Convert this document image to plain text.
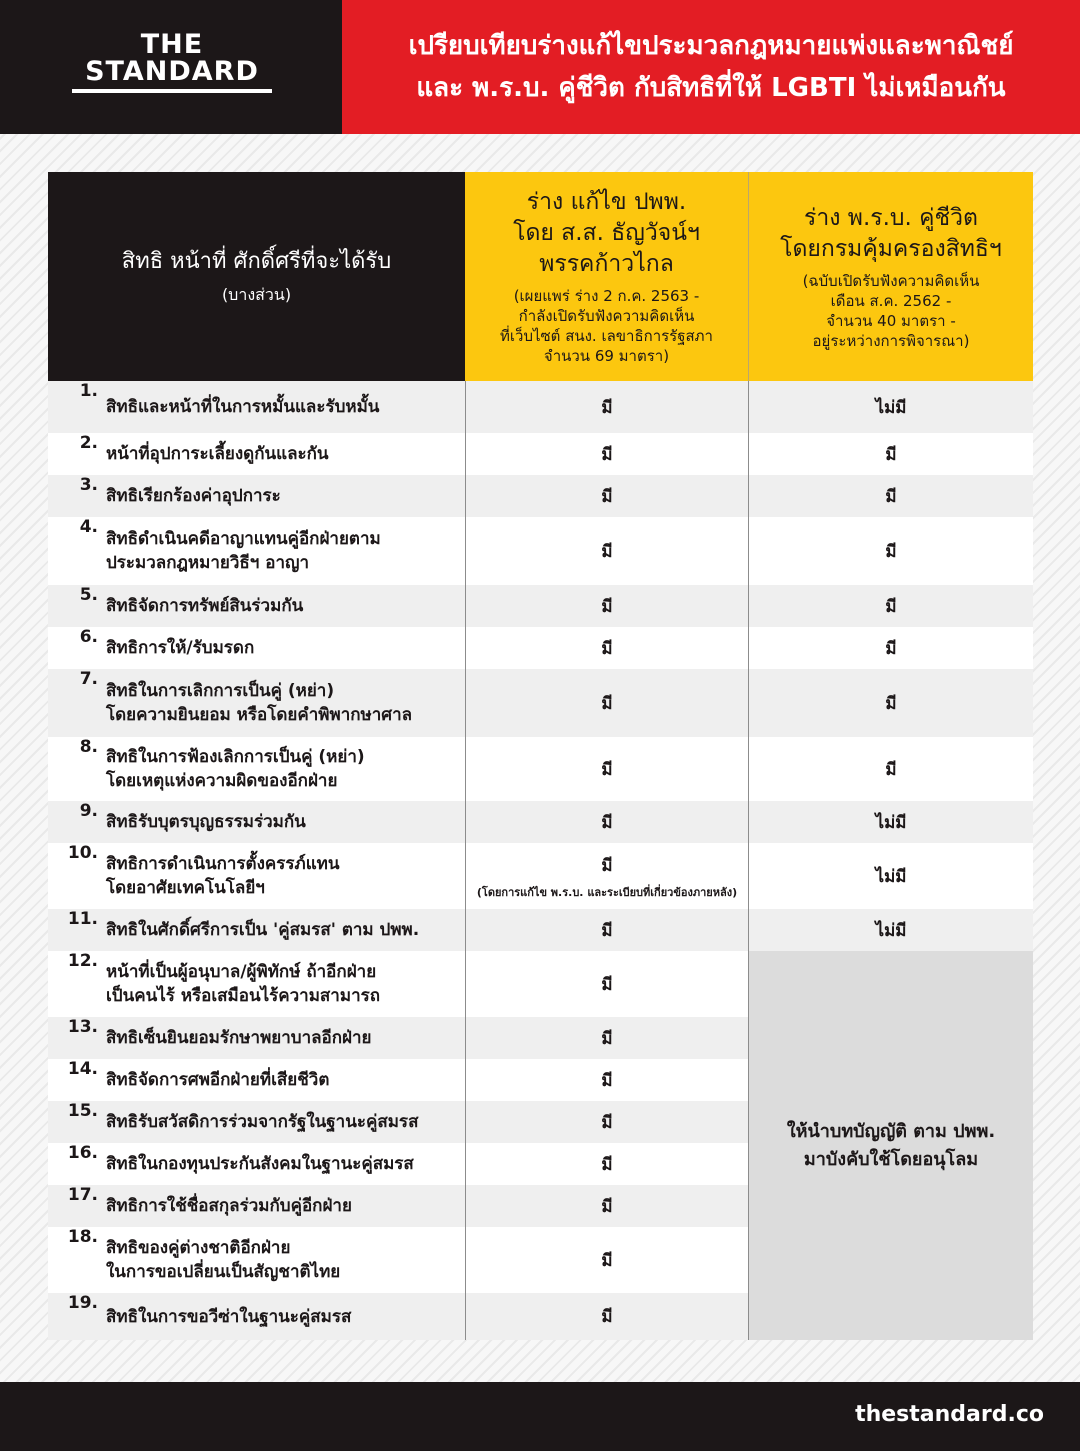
THE
STANDARD
เปรียบเทียบร่างแก้ไขประมวลกฎหมายแพ่งและพาณิชย์
และ พ.ร.บ. คู่ชีวิต กับสิทธิที่ให้ LGBTI ไม่เหมือนกัน
สิทธิ หน้าที่ ศักดิ์ศรีที่จะได้รับ
(บางส่วน)
ร่าง แก้ไข ปพพ.
โดย ส.ส. ธัญวัจน์ฯ
พรรคก้าวไกล
(เผยแพร่ ร่าง 2 ก.ค. 2563 -
กำลังเปิดรับฟังความคิดเห็น
ที่เว็บไซต์ สนง. เลขาธิการรัฐสภา
จำนวน 69 มาตรา)
ร่าง พ.ร.บ. คู่ชีวิต
โดยกรมคุ้มครองสิทธิฯ
(ฉบับเปิดรับฟังความคิดเห็น
เดือน ส.ค. 2562 -
จำนวน 40 มาตรา -
อยู่ระหว่างการพิจารณา)
1.
สิทธิและหน้าที่ในการหมั้นและรับหมั้น	มี	ไม่มี
2.
หน้าที่อุปการะเลี้ยงดูกันและกัน	มี	มี
3.
สิทธิเรียกร้องค่าอุปการะ	มี	มี
4.
สิทธิดำเนินคดีอาญาแทนคู่อีกฝ่ายตาม
ประมวลกฎหมายวิธีฯ อาญา
มี	มี
5.
สิทธิจัดการทรัพย์สินร่วมกัน	มี	มี
6.
สิทธิการให้/รับมรดก	มี	มี
7.
สิทธิในการเลิกการเป็นคู่ (หย่า)
โดยความยินยอม หรือโดยคำพิพากษาศาล
มี	มี
8. สิทธิในการฟ้องเลิกการเป็นคู่ (หย่า)
โดยเหตุแห่งความผิดของอีกฝ่าย
มี	มี
9.
สิทธิรับบุตรบุญธรรมร่วมกัน	มี	ไม่มี
10.
สิทธิการดำเนินการตั้งครรภ์แทน
โดยอาศัยเทคโนโลยีฯ
มี
(โดยการแก้ไข พ.ร.บ. และระเบียบที่เกี่ยวข้องภายหลัง)
ไม่มี
11.
สิทธิในศักดิ์ศรีการเป็น 'คู่สมรส' ตาม ปพพ.	มี	ไม่มี
12.
หน้าที่เป็นผู้อนุบาล/ผู้พิทักษ์ ถ้าอีกฝ่าย
เป็นคนไร้ หรือเสมือนไร้ความสามารถ
มี
13.
สิทธิเซ็นยินยอมรักษาพยาบาลอีกฝ่าย	มี
14.
สิทธิจัดการศพอีกฝ่ายที่เสียชีวิต	มี
15.
สิทธิรับสวัสดิการร่วมจากรัฐในฐานะคู่สมรส	มี
16.
สิทธิในกองทุนประกันสังคมในฐานะคู่สมรส	มี
17.
สิทธิการใช้ชื่อสกุลร่วมกับคู่อีกฝ่าย	มี
18.
สิทธิของคู่ต่างชาติอีกฝ่าย
ในการขอเปลี่ยนเป็นสัญชาติไทย
มี
19.
สิทธิในการขอวีซ่าในฐานะคู่สมรส	มี
ให้นำบทบัญญัติ ตาม ปพพ.
มาบังคับใช้โดยอนุโลม
thestandard.co
